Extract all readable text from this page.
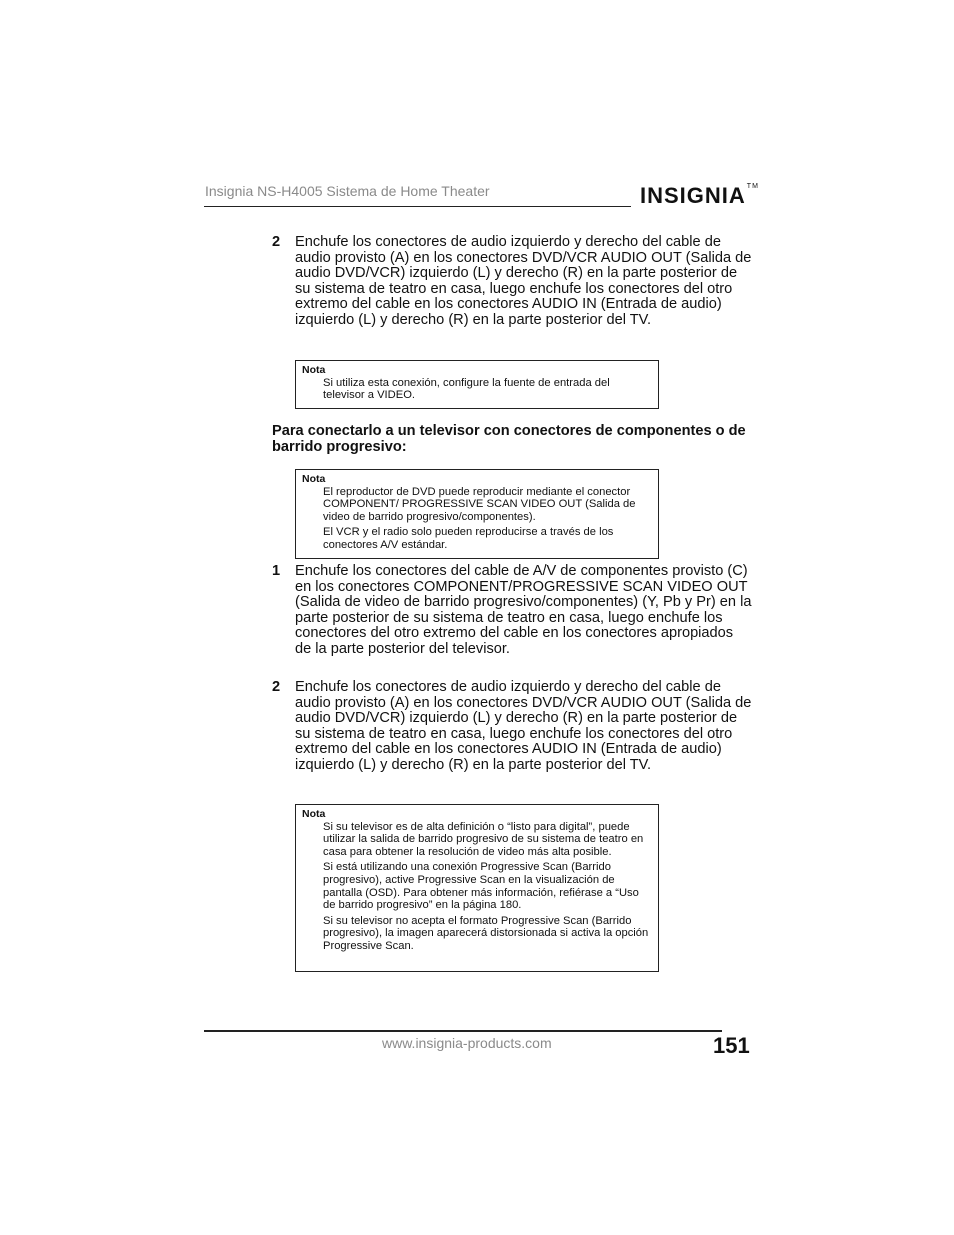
Insignia NS-H4005 Sistema de Home Theater	INSIGNIA™
2 Enchufe los conectores de audio izquierdo y derecho del cable de audio provisto (A) en los conectores DVD/VCR AUDIO OUT (Salida de audio DVD/VCR) izquierdo (L) y derecho (R) en la parte posterior de su sistema de teatro en casa, luego enchufe los conectores del otro extremo del cable en los conectores AUDIO IN (Entrada de audio) izquierdo (L) y derecho (R) en la parte posterior del TV.
Nota
Si utiliza esta conexión, configure la fuente de entrada del televisor a VIDEO.
Para conectarlo a un televisor con conectores de componentes o de barrido progresivo:
Nota
El reproductor de DVD puede reproducir mediante el conector COMPONENT/ PROGRESSIVE SCAN VIDEO OUT (Salida de video de barrido progresivo/componentes).
El VCR y el radio solo pueden reproducirse a través de los conectores A/V estándar.
1 Enchufe los conectores del cable de A/V de componentes provisto (C) en los conectores COMPONENT/PROGRESSIVE SCAN VIDEO OUT (Salida de video de barrido progresivo/componentes) (Y, Pb y Pr) en la parte posterior de su sistema de teatro en casa, luego enchufe los conectores del otro extremo del cable en los conectores apropiados de la parte posterior del televisor.
2 Enchufe los conectores de audio izquierdo y derecho del cable de audio provisto (A) en los conectores DVD/VCR AUDIO OUT (Salida de audio DVD/VCR) izquierdo (L) y derecho (R) en la parte posterior de su sistema de teatro en casa, luego enchufe los conectores del otro extremo del cable en los conectores AUDIO IN (Entrada de audio) izquierdo (L) y derecho (R) en la parte posterior del TV.
Nota
Si su televisor es de alta definición o “listo para digital”, puede utilizar la salida de barrido progresivo de su sistema de teatro en casa para obtener la resolución de video más alta posible.
Si está utilizando una conexión Progressive Scan (Barrido progresivo), active Progressive Scan en la visualización de pantalla (OSD). Para obtener más información, refiérase a “Uso de barrido progresivo” en la página 180.
Si su televisor no acepta el formato Progressive Scan (Barrido progresivo), la imagen aparecerá distorsionada si activa la opción Progressive Scan.
www.insignia-products.com	151
